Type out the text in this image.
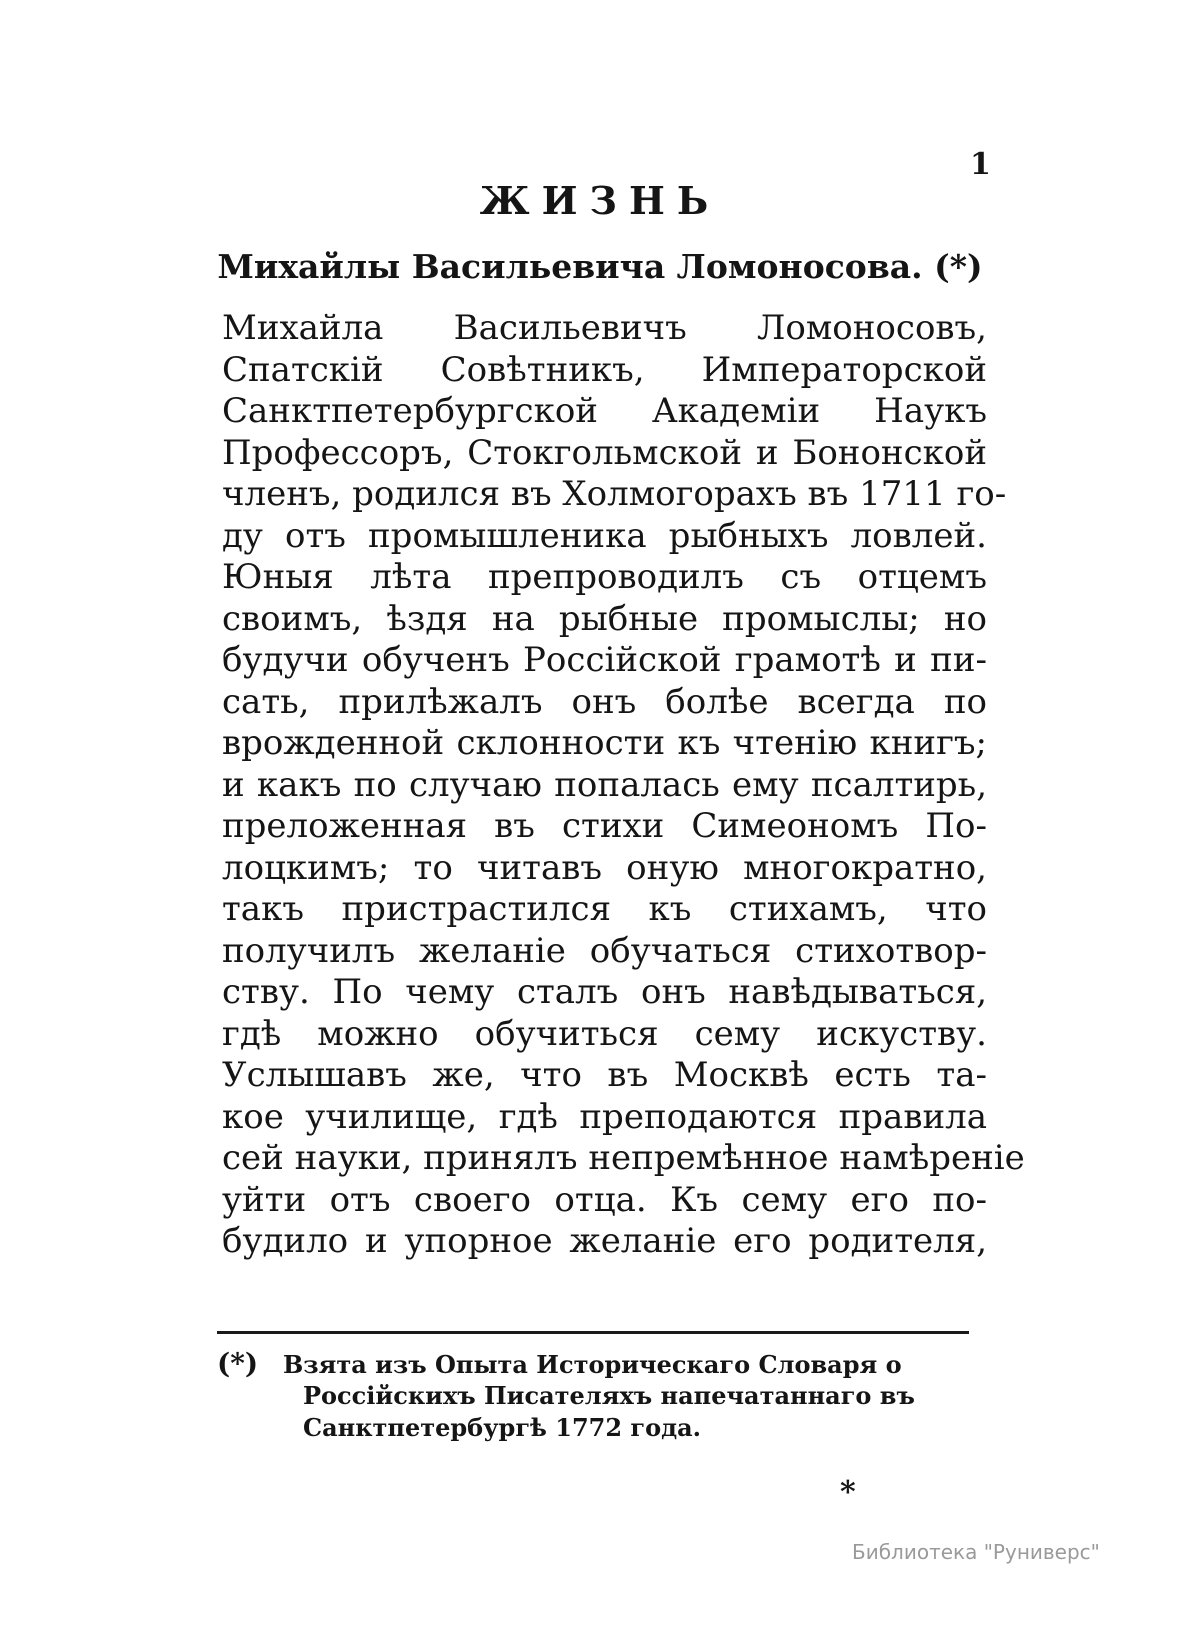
1
ЖИЗНЬ
Михайлы Васильевича Ломоносова. (*)
Михайла Васильевичъ Ломоносовъ,
Спатскій Совѣтникъ, Императорской
Санктпетербургской Академіи Наукъ
Профессоръ, Стокгольмской и Бононской
членъ, родился въ Холмогорахъ въ 1711 го-
ду отъ промышленика рыбныхъ ловлей.
Юныя лѣта препроводилъ съ отцемъ
своимъ, ѣздя на рыбные промыслы; но
будучи обученъ Россійской грамотѣ и пи-
сать, прилѣжалъ онъ болѣе всегда по
врожденной склонности къ чтенію книгъ;
и какъ по случаю попалась ему псалтирь,
преложенная въ стихи Симеономъ По-
лоцкимъ; то читавъ оную многократно,
такъ пристрастился къ стихамъ, что
получилъ желаніе обучаться стихотвор-
ству. По чему сталъ онъ навѣдываться,
гдѣ можно обучиться сему искуству.
Услышавъ же, что въ Москвѣ есть та-
кое училище, гдѣ преподаются правила
сей науки, принялъ непремѣнное намѣреніе
уйти отъ своего отца. Къ сему его по-
будило и упорное желаніе его родителя,
(*) Взята изъ Опыта Историческаго Словаря о
Россійскихъ Писателяхъ напечатаннаго въ
Санктпетербургѣ 1772 года.
*
Библиотека "Руниверс"
